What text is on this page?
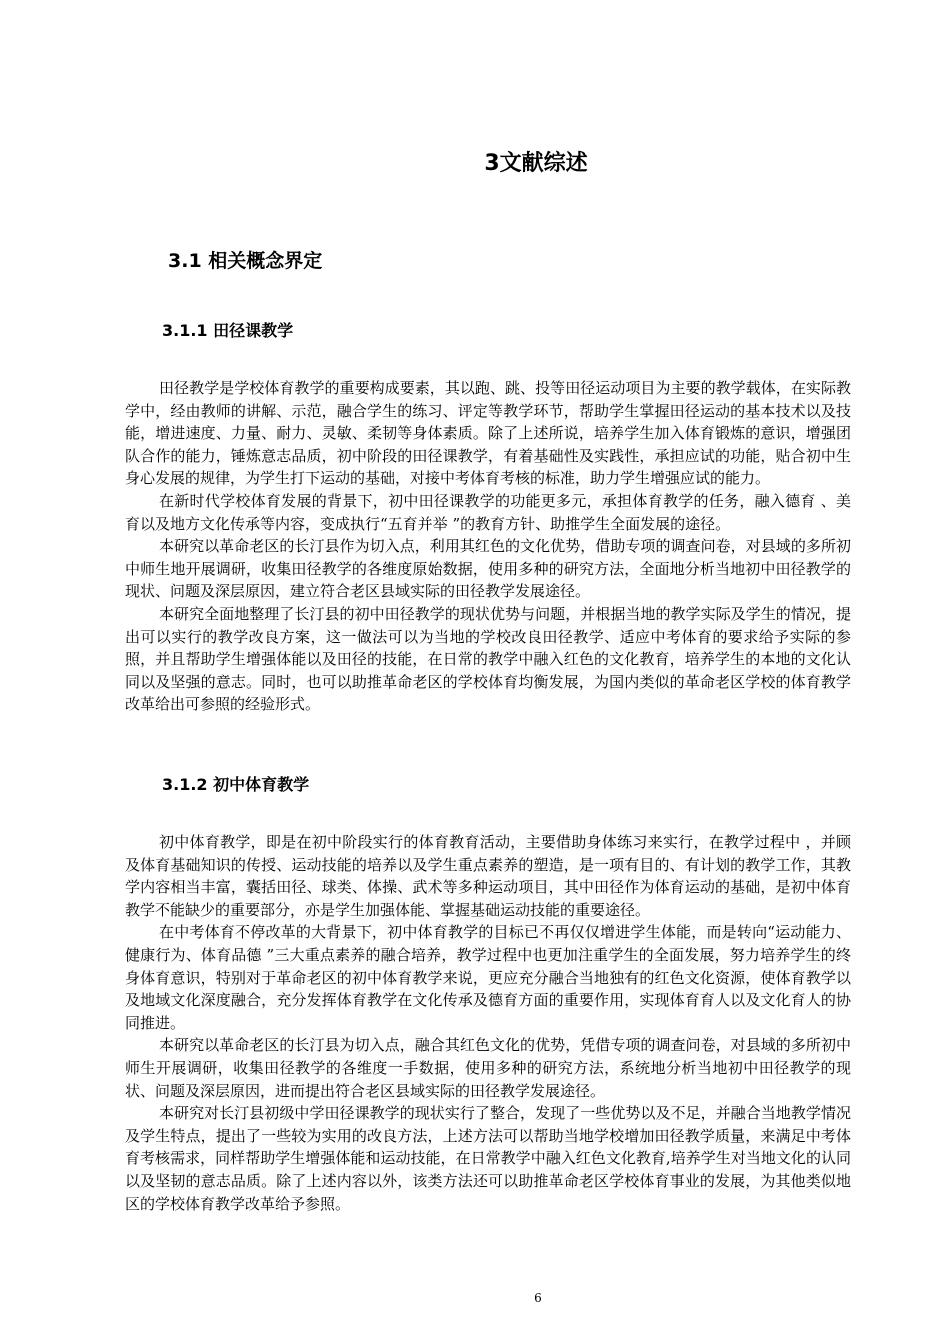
3文献综述
3.1 相关概念界定
3.1.1 田径课教学

田径教学是学校体育教学的重要构成要素，其以跑、跳、投等田径运动项目为主要的教学载体，在实际教学中，经由教师的讲解、示范，融合学生的练习、评定等教学环节，帮助学生掌握田径运动的基本技术以及技能，增进速度、力量、耐力、灵敏、柔韧等身体素质。除了上述所说，培养学生加入体育锻炼的意识，增强团队合作的能力，锤炼意志品质，初中阶段的田径课教学，有着基础性及实践性，承担应试的功能，贴合初中生身心发展的规律，为学生打下运动的基础，对接中考体育考核的标准，助力学生增强应试的能力。

在新时代学校体育发展的背景下，初中田径课教学的功能更多元，承担体育教学的任务，融入德育 、美育以及地方文化传承等内容，变成执行“五育并举 ”的教育方针、助推学生全面发展的途径。

本研究以革命老区的长汀县作为切入点，利用其红色的文化优势，借助专项的调查问卷，对县域的多所初中师生地开展调研，收集田径教学的各维度原始数据，使用多种的研究方法，全面地分析当地初中田径教学的现状、问题及深层原因，建立符合老区县域实际的田径教学发展途径。

本研究全面地整理了长汀县的初中田径教学的现状优势与问题，并根据当地的教学实际及学生的情况，提出可以实行的教学改良方案，这一做法可以为当地的学校改良田径教学、适应中考体育的要求给予实际的参照，并且帮助学生增强体能以及田径的技能，在日常的教学中融入红色的文化教育，培养学生的本地的文化认同以及坚强的意志。同时，也可以助推革命老区的学校体育均衡发展，为国内类似的革命老区学校的体育教学改革给出可参照的经验形式。

3.1.2 初中体育教学

初中体育教学，即是在初中阶段实行的体育教育活动，主要借助身体练习来实行，在教学过程中 ，并顾及体育基础知识的传授、运动技能的培养以及学生重点素养的塑造，是一项有目的、有计划的教学工作，其教学内容相当丰富，囊括田径、球类、体操、武术等多种运动项目，其中田径作为体育运动的基础，是初中体育教学不能缺少的重要部分，亦是学生加强体能、掌握基础运动技能的重要途径。

在中考体育不停改革的大背景下，初中体育教学的目标已不再仅仅增进学生体能，而是转向“运动能力、健康行为、体育品德 ”三大重点素养的融合培养，教学过程中也更加注重学生的全面发展，努力培养学生的终身体育意识，特别对于革命老区的初中体育教学来说，更应充分融合当地独有的红色文化资源，使体育教学以及地域文化深度融合，充分发挥体育教学在文化传承及德育方面的重要作用，实现体育育人以及文化育人的协同推进。

本研究以革命老区的长汀县为切入点，融合其红色文化的优势，凭借专项的调查问卷，对县域的多所初中师生开展调研，收集田径教学的各维度一手数据，使用多种的研究方法，系统地分析当地初中田径教学的现状、问题及深层原因，进而提出符合老区县域实际的田径教学发展途径。

本研究对长汀县初级中学田径课教学的现状实行了整合，发现了一些优势以及不足，并融合当地教学情况及学生特点，提出了一些较为实用的改良方法，上述方法可以帮助当地学校增加田径教学质量，来满足中考体育考核需求，同样帮助学生增强体能和运动技能，在日常教学中融入红色文化教育,培养学生对当地文化的认同以及坚韧的意志品质。除了上述内容以外，该类方法还可以助推革命老区学校体育事业的发展，为其他类似地区的学校体育教学改革给予参照。

6
